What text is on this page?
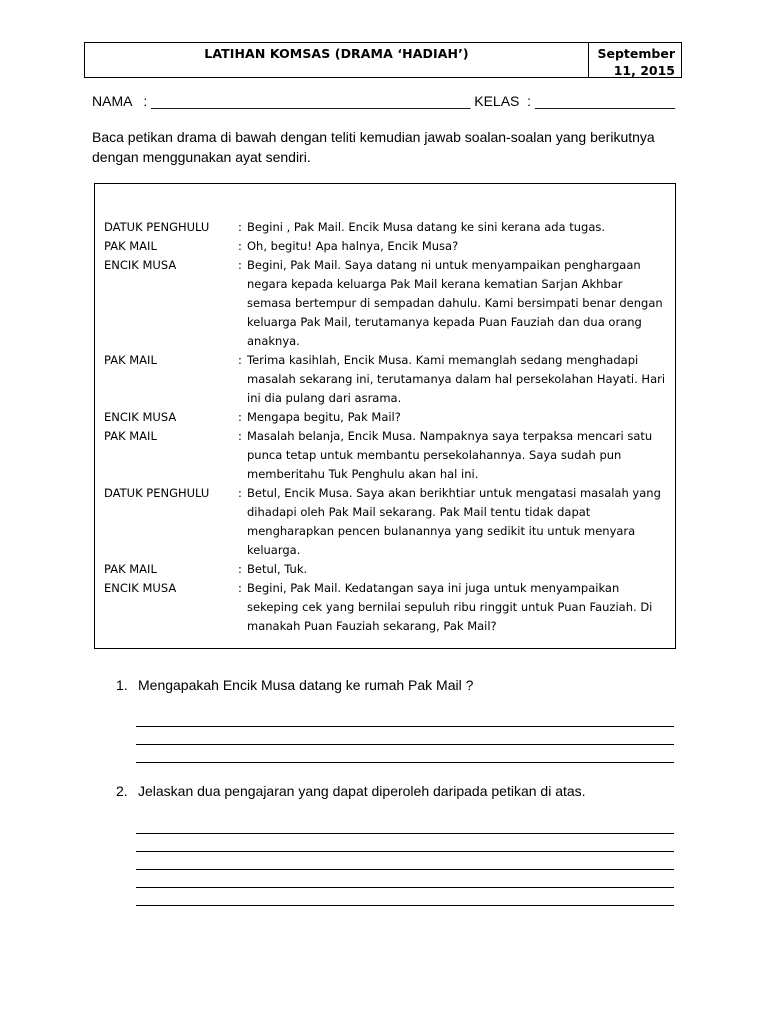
LATIHAN KOMSAS (DRAMA ‘HADIAH’)	September
11, 2015
NAMA   : _________________________________________ KELAS  : __________________
Baca petikan drama di bawah dengan teliti kemudian jawab soalan-soalan yang berikutnya dengan menggunakan ayat sendiri.
DATUK PENGHULU	: Begini , Pak Mail. Encik Musa datang ke sini kerana ada tugas.
PAK MAIL	: Oh, begitu! Apa halnya, Encik Musa?
ENCIK MUSA	: Begini, Pak Mail. Saya datang ni untuk menyampaikan penghargaan negara kepada keluarga Pak Mail kerana kematian Sarjan Akhbar semasa bertempur di sempadan dahulu. Kami bersimpati benar dengan keluarga Pak Mail, terutamanya kepada Puan Fauziah dan dua orang anaknya.
PAK MAIL	: Terima kasihlah, Encik Musa. Kami memanglah sedang menghadapi masalah sekarang ini, terutamanya dalam hal persekolahan Hayati. Hari ini dia pulang dari asrama.
ENCIK MUSA	: Mengapa begitu, Pak Mail?
PAK MAIL	: Masalah belanja, Encik Musa. Nampaknya saya terpaksa mencari satu punca tetap untuk membantu persekolahannya. Saya sudah pun memberitahu Tuk Penghulu akan hal ini.
DATUK PENGHULU	: Betul, Encik Musa. Saya akan berikhtiar untuk mengatasi masalah yang dihadapi oleh Pak Mail sekarang. Pak Mail tentu tidak dapat mengharapkan pencen bulanannya yang sedikit itu untuk menyara keluarga.
PAK MAIL	: Betul, Tuk.
ENCIK MUSA	: Begini, Pak Mail. Kedatangan saya ini juga untuk menyampaikan sekeping cek yang bernilai sepuluh ribu ringgit untuk Puan Fauziah. Di manakah Puan Fauziah sekarang, Pak Mail?
1. Mengapakah Encik Musa datang ke rumah Pak Mail ?
2. Jelaskan dua pengajaran yang dapat diperoleh daripada petikan di atas.
